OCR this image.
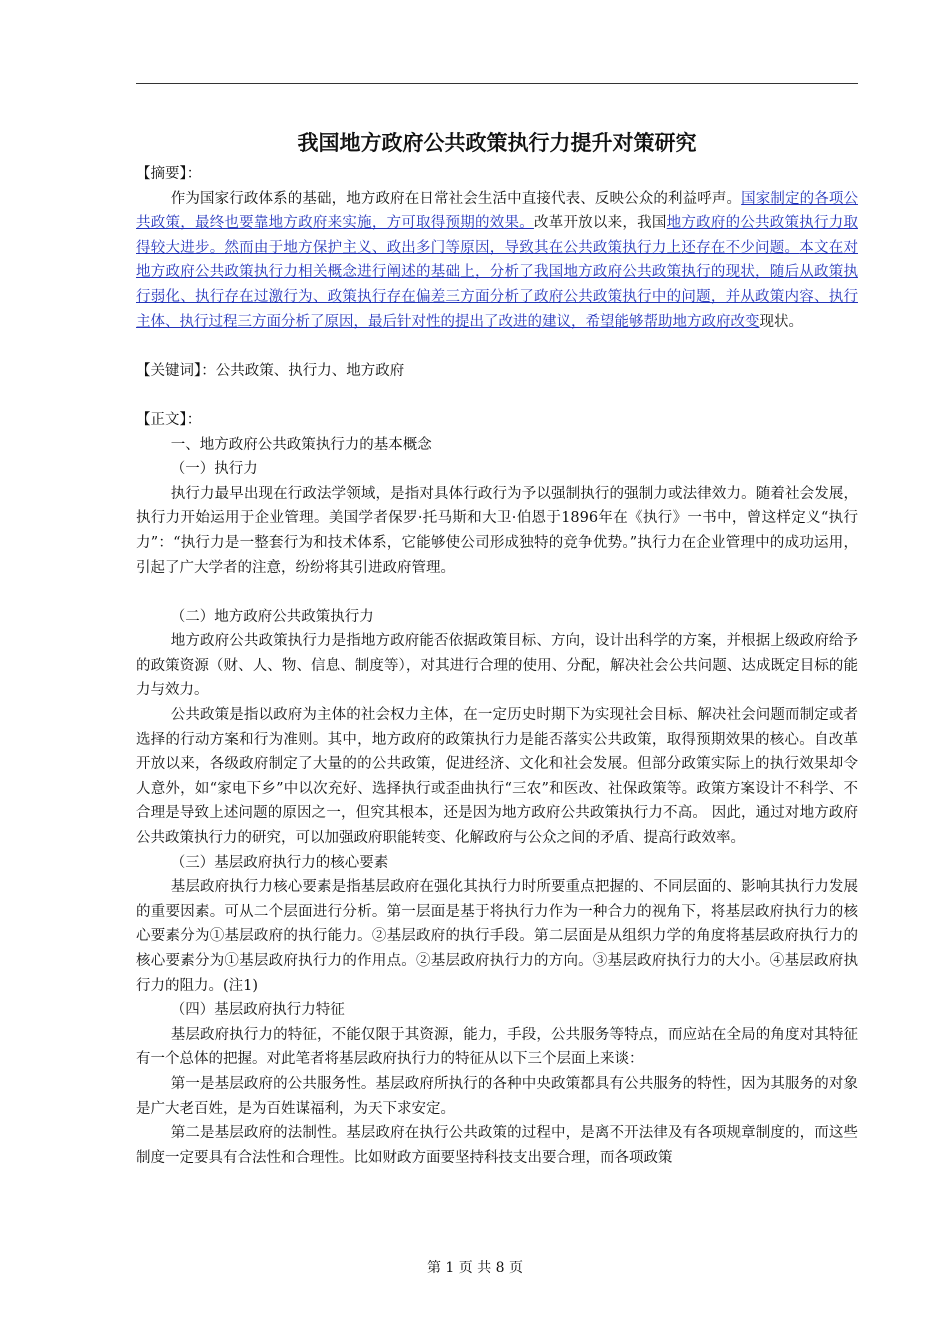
我国地方政府公共政策执行力提升对策研究

【摘要】：

作为国家行政体系的基础，地方政府在日常社会生活中直接代表、反映公众的利益呼声。国家制定的各项公共政策，最终也要靠地方政府来实施，方可取得预期的效果。改革开放以来，我国地方政府的公共政策执行力取得较大进步。然而由于地方保护主义、政出多门等原因，导致其在公共政策执行力上还存在不少问题。本文在对地方政府公共政策执行力相关概念进行阐述的基础上，分析了我国地方政府公共政策执行的现状，随后从政策执行弱化、执行存在过激行为、政策执行存在偏差三方面分析了政府公共政策执行中的问题，并从政策内容、执行主体、执行过程三方面分析了原因，最后针对性的提出了改进的建议，希望能够帮助地方政府改变现状。

【关键词】：公共政策、执行力、地方政府

【正文】：

一、地方政府公共政策执行力的基本概念

（一）执行力

执行力最早出现在行政法学领域，是指对具体行政行为予以强制执行的强制力或法律效力。随着社会发展，执行力开始运用于企业管理。美国学者保罗·托马斯和大卫·伯恩于1896年在《执行》一书中，曾这样定义“执行力”：“执行力是一整套行为和技术体系，它能够使公司形成独特的竞争优势。”执行力在企业管理中的成功运用，引起了广大学者的注意，纷纷将其引进政府管理。

（二）地方政府公共政策执行力

地方政府公共政策执行力是指地方政府能否依据政策目标、方向，设计出科学的方案，并根据上级政府给予的政策资源（财、人、物、信息、制度等），对其进行合理的使用、分配，解决社会公共问题、达成既定目标的能力与效力。

公共政策是指以政府为主体的社会权力主体，在一定历史时期下为实现社会目标、解决社会问题而制定或者选择的行动方案和行为准则。其中，地方政府的政策执行力是能否落实公共政策，取得预期效果的核心。自改革开放以来，各级政府制定了大量的的公共政策，促进经济、文化和社会发展。但部分政策实际上的执行效果却令人意外，如“家电下乡”中以次充好、选择执行或歪曲执行“三农”和医改、社保政策等。政策方案设计不科学、不合理是导致上述问题的原因之一，但究其根本，还是因为地方政府公共政策执行力不高。 因此，通过对地方政府公共政策执行力的研究，可以加强政府职能转变、化解政府与公众之间的矛盾、提高行政效率。

（三）基层政府执行力的核心要素

基层政府执行力核心要素是指基层政府在强化其执行力时所要重点把握的、不同层面的、影响其执行力发展的重要因素。可从二个层面进行分析。第一层面是基于将执行力作为一种合力的视角下，将基层政府执行力的核心要素分为①基层政府的执行能力。②基层政府的执行手段。第二层面是从组织力学的角度将基层政府执行力的核心要素分为①基层政府执行力的作用点。②基层政府执行力的方向。③基层政府执行力的大小。④基层政府执行力的阻力。(注1)

（四）基层政府执行力特征

基层政府执行力的特征，不能仅限于其资源，能力，手段，公共服务等特点，而应站在全局的角度对其特征有一个总体的把握。对此笔者将基层政府执行力的特征从以下三个层面上来谈：

第一是基层政府的公共服务性。基层政府所执行的各种中央政策都具有公共服务的特性，因为其服务的对象是广大老百姓，是为百姓谋福利，为天下求安定。

第二是基层政府的法制性。基层政府在执行公共政策的过程中，是离不开法律及有各项规章制度的，而这些制度一定要具有合法性和合理性。比如财政方面要坚持科技支出要合理，而各项政策

第 1 页 共 8 页
